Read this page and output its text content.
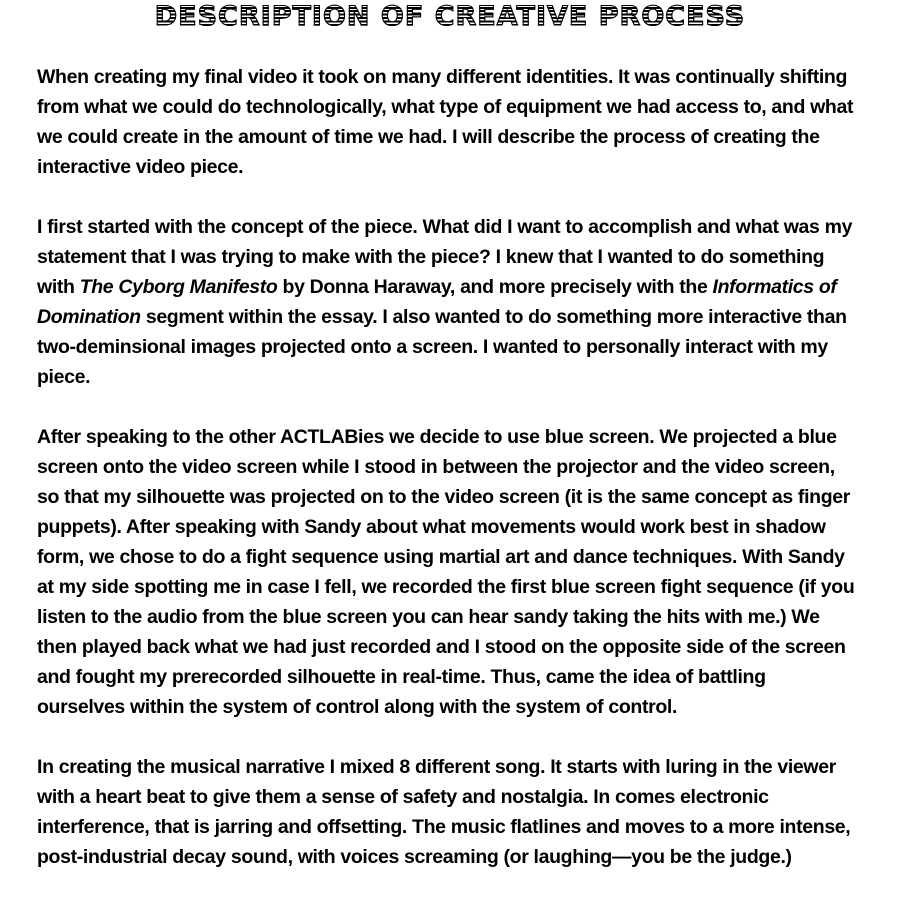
DESCRIPTION OF CREATIVE PROCESS

When creating my final video it took on many different identities. It was continually shifting from what we could do technologically, what type of equipment we had access to, and what we could create in the amount of time we had. I will describe the process of creating the interactive video piece.

I first started with the concept of the piece. What did I want to accomplish and what was my statement that I was trying to make with the piece? I knew that I wanted to do something with The Cyborg Manifesto by Donna Haraway, and more precisely with the Informatics of Domination segment within the essay. I also wanted to do something more interactive than two-deminsional images projected onto a screen. I wanted to personally interact with my piece.

After speaking to the other ACTLABies we decide to use blue screen. We projected a blue screen onto the video screen while I stood in between the projector and the video screen, so that my silhouette was projected on to the video screen (it is the same concept as finger puppets). After speaking with Sandy about what movements would work best in shadow form, we chose to do a fight sequence using martial art and dance techniques. With Sandy at my side spotting me in case I fell, we recorded the first blue screen fight sequence (if you listen to the audio from the blue screen you can hear sandy taking the hits with me.) We then played back what we had just recorded and I stood on the opposite side of the screen and fought my prerecorded silhouette in real-time. Thus, came the idea of battling ourselves within the system of control along with the system of control.

In creating the musical narrative I mixed 8 different song. It starts with luring in the viewer with a heart beat to give them a sense of safety and nostalgia. In comes electronic interference, that is jarring and offsetting. The music flatlines and moves to a more intense, post-industrial decay sound, with voices screaming (or laughing—you be the judge.)
